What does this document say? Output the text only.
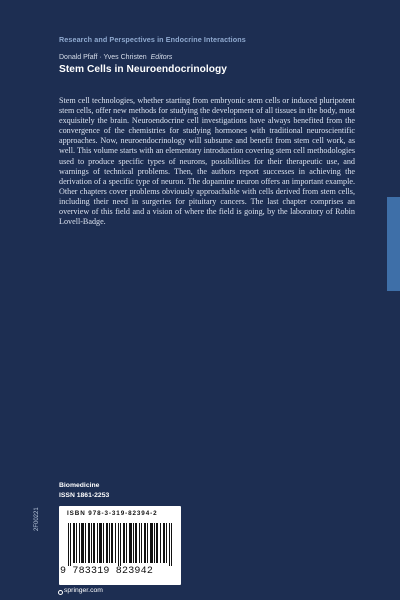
Research and Perspectives in Endocrine Interactions
Donald Pfaff · Yves Christen Editors
Stem Cells in Neuroendocrinology

Stem cell technologies, whether starting from embryonic stem cells or induced pluripotent stem cells, offer new methods for studying the development of all tissues in the body, most exquisitely the brain. Neuroendocrine cell investigations have always benefited from the convergence of the chemistries for studying hormones with traditional neuroscientific approaches. Now, neuroendocrinology will subsume and benefit from stem cell work, as well. This volume starts with an elementary introduction covering stem cell methodologies used to produce specific types of neurons, possibilities for their therapeutic use, and warnings of technical problems. Then, the authors report successes in achieving the derivation of a specific type of neuron. The dopamine neuron offers an important example. Other chapters cover problems obviously approachable with cells derived from stem cells, including their need in surgeries for pituitary cancers. The last chapter comprises an overview of this field and a vision of where the field is going, by the laboratory of Robin Lovell-Badge.

Biomedicine
ISSN 1861-2253
2F00221	ISBN 978-3-319-82394-2
9 783319 823942
springer.com
